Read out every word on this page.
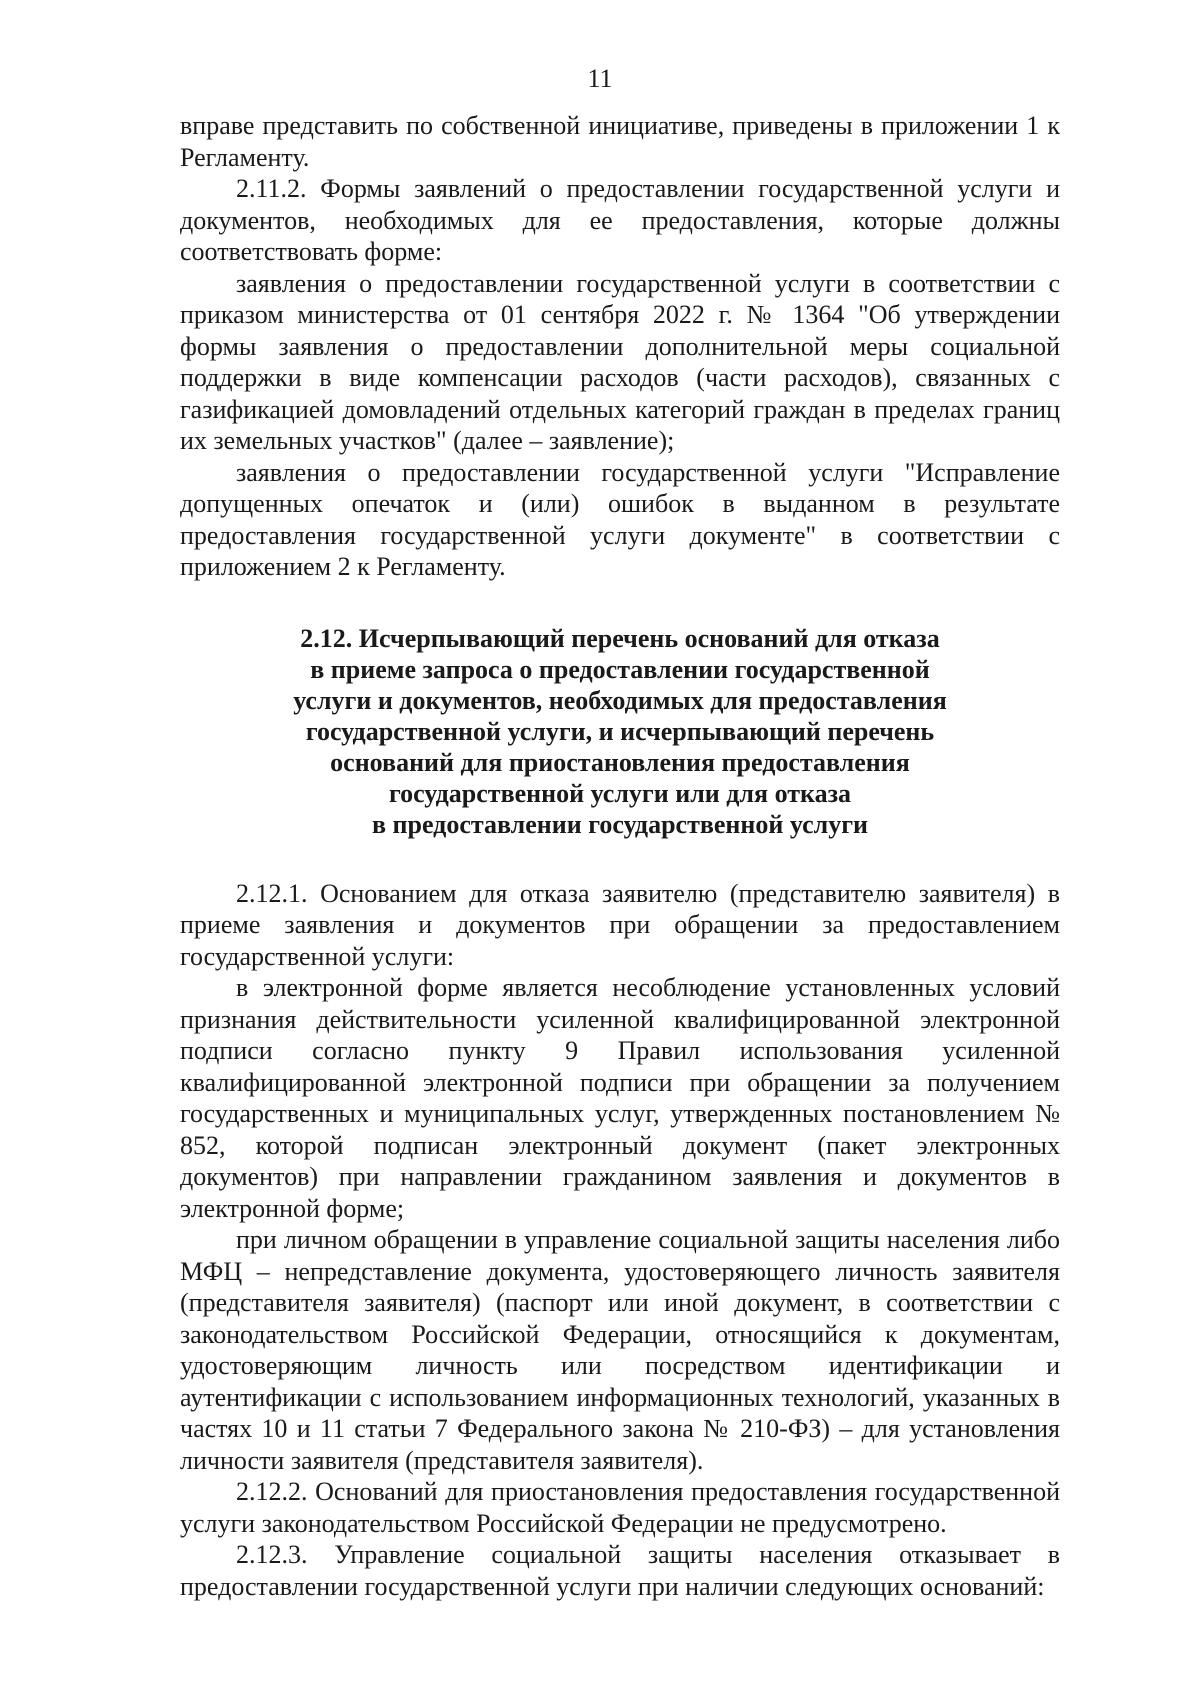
11

вправе представить по собственной инициативе, приведены в приложении 1 к Регламенту.

2.11.2. Формы заявлений о предоставлении государственной услуги и документов, необходимых для ее предоставления, которые должны соответствовать форме:

заявления о предоставлении государственной услуги в соответствии с приказом министерства от 01 сентября 2022 г. № 1364 "Об утверждении формы заявления о предоставлении дополнительной меры социальной поддержки в виде компенсации расходов (части расходов), связанных с газификацией домовладений отдельных категорий граждан в пределах границ их земельных участков" (далее – заявление);

заявления о предоставлении государственной услуги "Исправление допущенных опечаток и (или) ошибок в выданном в результате предоставления государственной услуги документе" в соответствии с приложением 2 к Регламенту.

2.12. Исчерпывающий перечень оснований для отказа
в приеме запроса о предоставлении государственной
услуги и документов, необходимых для предоставления
государственной услуги, и исчерпывающий перечень
оснований для приостановления предоставления
государственной услуги или для отказа
в предоставлении государственной услуги

2.12.1. Основанием для отказа заявителю (представителю заявителя) в приеме заявления и документов при обращении за предоставлением государственной услуги:

в электронной форме является несоблюдение установленных условий признания действительности усиленной квалифицированной электронной подписи согласно пункту 9 Правил использования усиленной квалифицированной электронной подписи при обращении за получением государственных и муниципальных услуг, утвержденных постановлением № 852, которой подписан электронный документ (пакет электронных документов) при направлении гражданином заявления и документов в электронной форме;

при личном обращении в управление социальной защиты населения либо МФЦ – непредставление документа, удостоверяющего личность заявителя (представителя заявителя) (паспорт или иной документ, в соответствии с законодательством Российской Федерации, относящийся к документам, удостоверяющим личность или посредством идентификации и аутентификации с использованием информационных технологий, указанных в частях 10 и 11 статьи 7 Федерального закона № 210-ФЗ) – для установления личности заявителя (представителя заявителя).

2.12.2. Оснований для приостановления предоставления государственной услуги законодательством Российской Федерации не предусмотрено.

2.12.3. Управление социальной защиты населения отказывает в предоставлении государственной услуги при наличии следующих оснований:
